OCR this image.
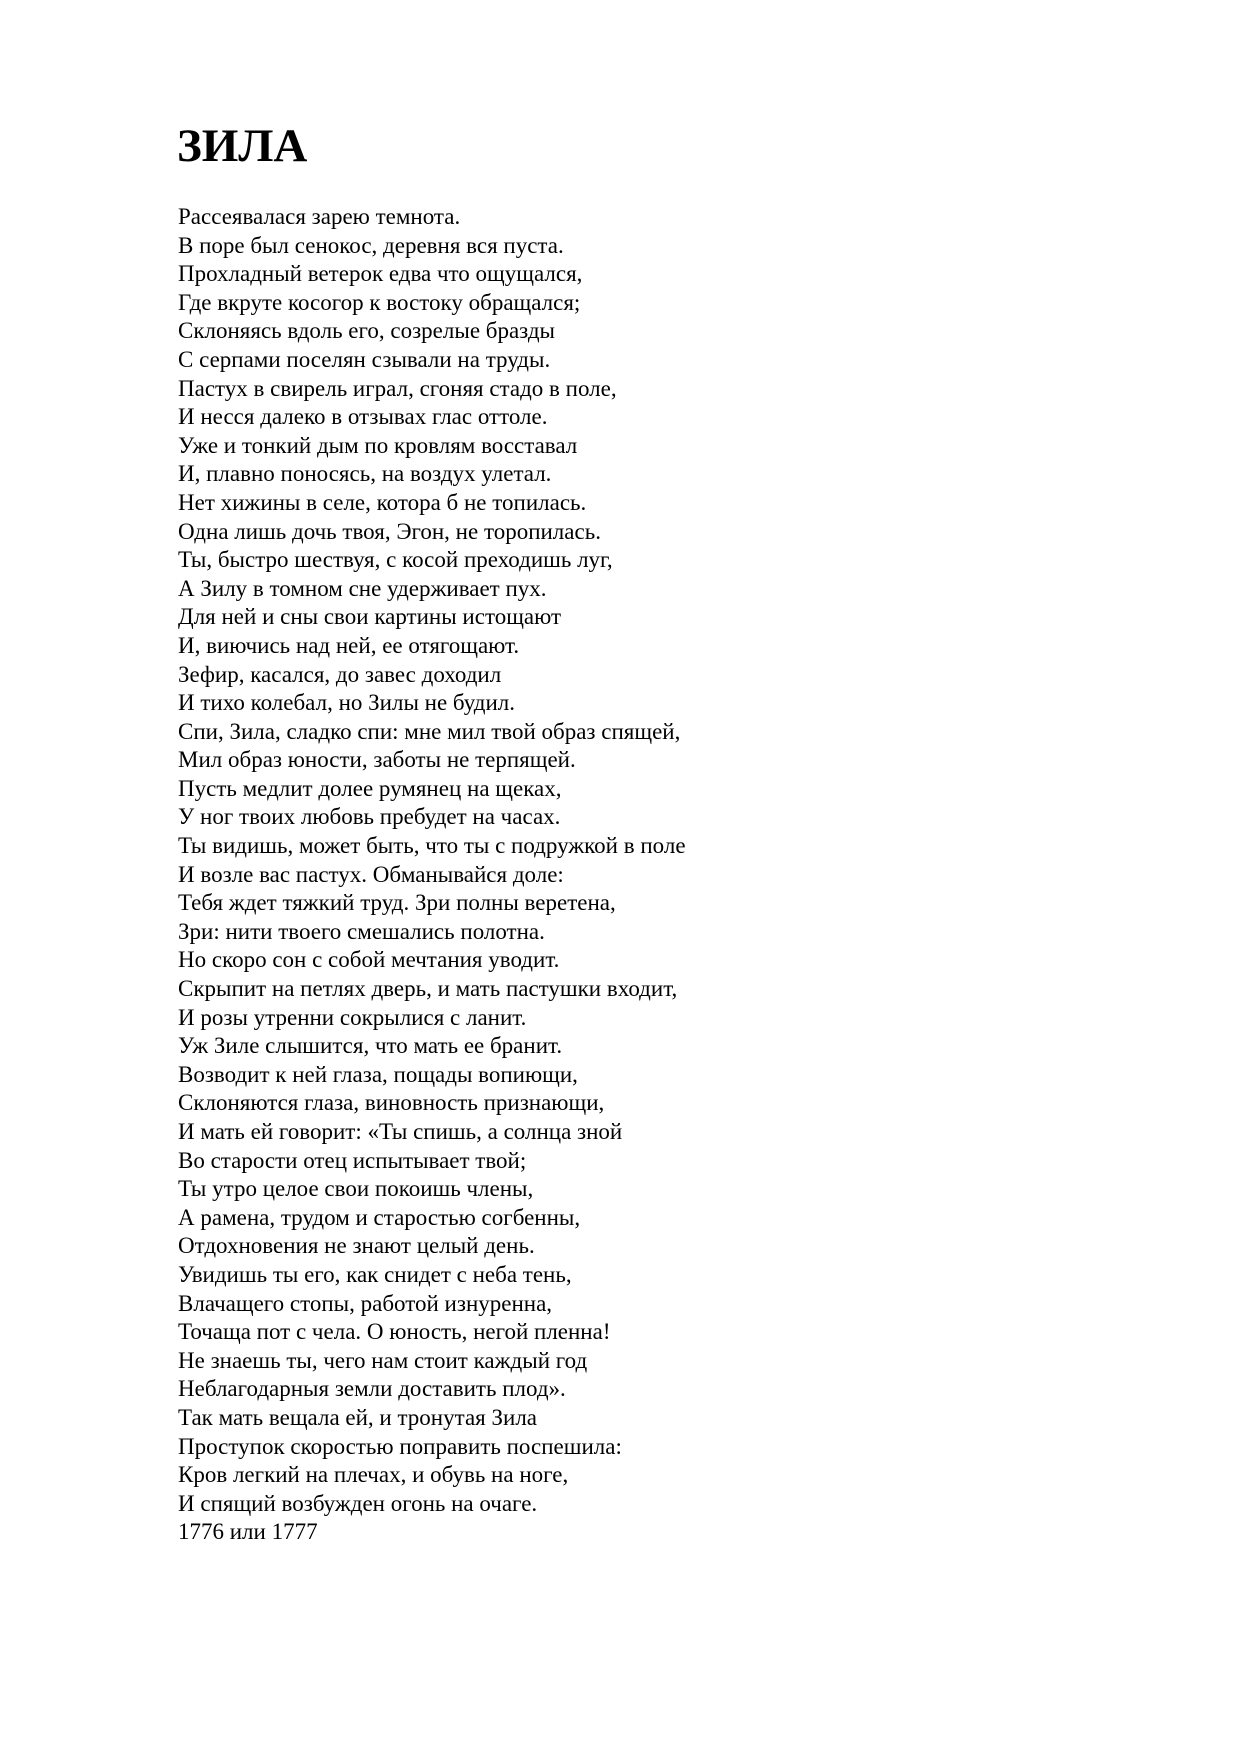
ЗИЛА
Рассеявалася зарею темнота.
В поре был сенокос, деревня вся пуста.
Прохладный ветерок едва что ощущался,
Где вкруте косогор к востоку обращался;
Склоняясь вдоль его, созрелые бразды
С серпами поселян сзывали на труды.
Пастух в свирель играл, сгоняя стадо в поле,
И несся далеко в отзывах глас оттоле.
Уже и тонкий дым по кровлям восставал
И, плавно поносясь, на воздух улетал.
Нет хижины в селе, котора б не топилась.
Одна лишь дочь твоя, Эгон, не торопилась.
Ты, быстро шествуя, с косой преходишь луг,
А Зилу в томном сне удерживает пух.
Для ней и сны свои картины истощают
И, виючись над ней, ее отягощают.
Зефир, касался, до завес доходил
И тихо колебал, но Зилы не будил.
Спи, Зила, сладко спи: мне мил твой образ спящей,
Мил образ юности, заботы не терпящей.
Пусть медлит долее румянец на щеках,
У ног твоих любовь пребудет на часах.
Ты видишь, может быть, что ты с подружкой в поле
И возле вас пастух. Обманывайся доле:
Тебя ждет тяжкий труд. Зри полны веретена,
Зри: нити твоего смешались полотна.
Но скоро сон с собой мечтания уводит.
Скрыпит на петлях дверь, и мать пастушки входит,
И розы утренни сокрылися с ланит.
Уж Зиле слышится, что мать ее бранит.
Возводит к ней глаза, пощады вопиющи,
Склоняются глаза, виновность признающи,
И мать ей говорит: «Ты спишь, а солнца зной
Во старости отец испытывает твой;
Ты утро целое свои покоишь члены,
А рамена, трудом и старостью согбенны,
Отдохновения не знают целый день.
Увидишь ты его, как снидет с неба тень,
Влачащего стопы, работой изнуренна,
Точаща пот с чела. О юность, негой пленна!
Не знаешь ты, чего нам стоит каждый год
Неблагодарныя земли доставить плод».
Так мать вещала ей, и тронутая Зила
Проступок скоростью поправить поспешила:
Кров легкий на плечах, и обувь на ноге,
И спящий возбужден огонь на очаге.
1776 или 1777
